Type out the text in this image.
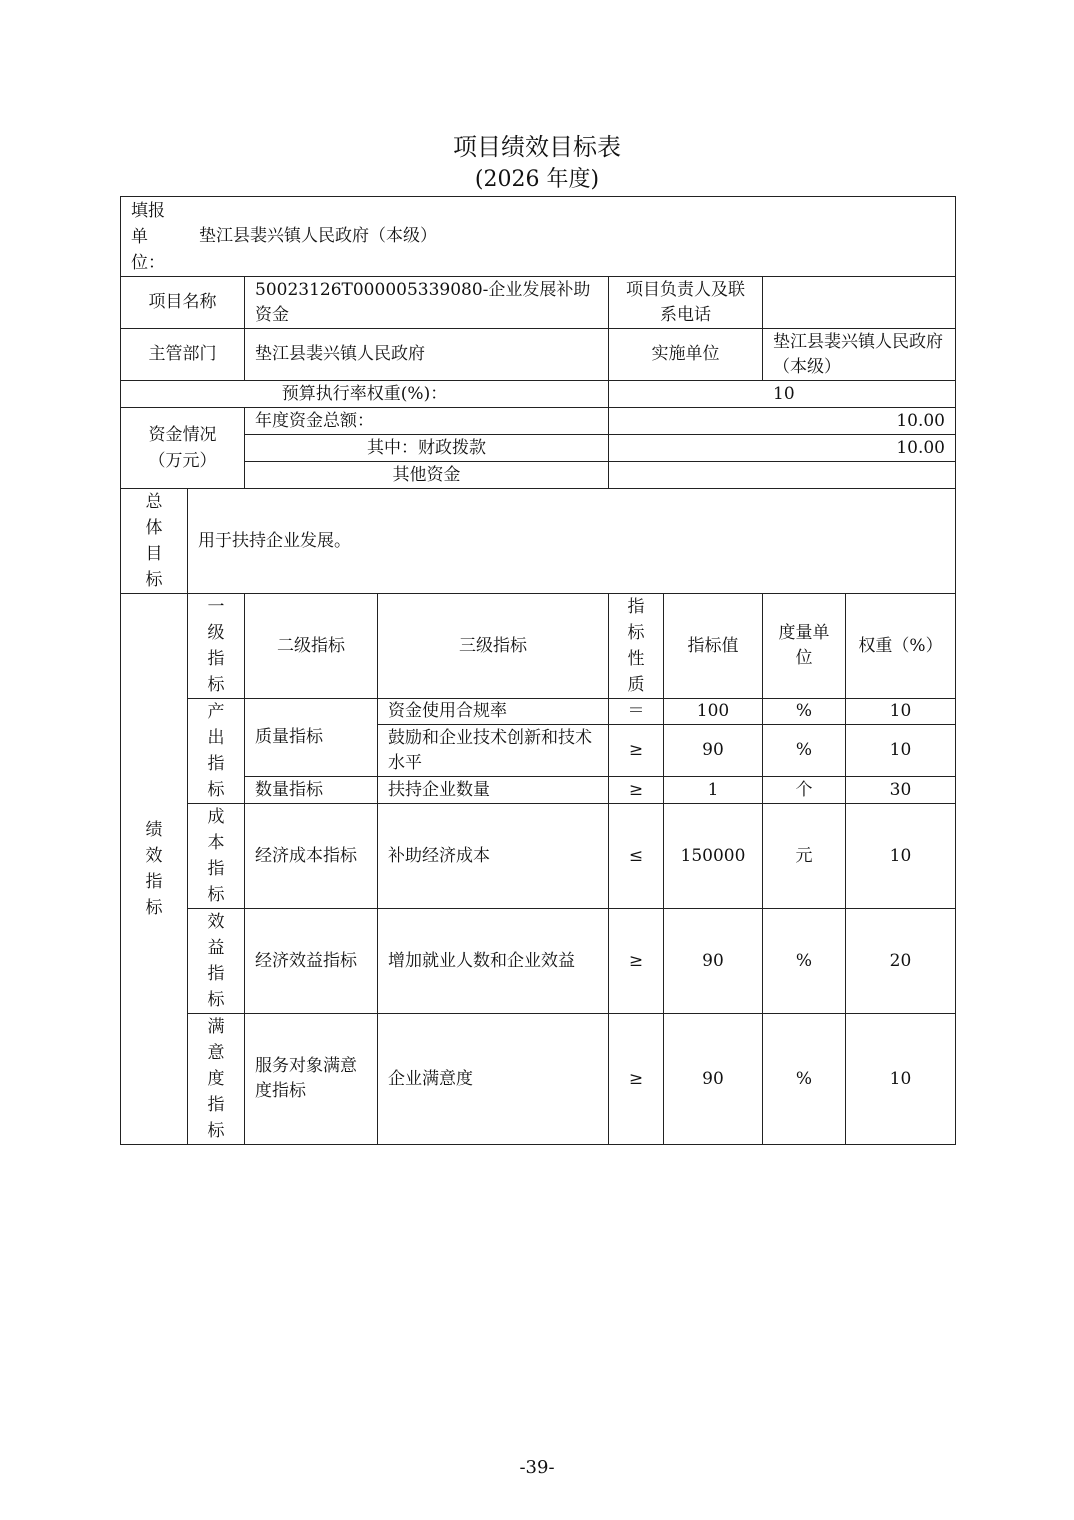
项目绩效目标表
(2026 年度)
填报单位：
垫江县裴兴镇人民政府（本级）							

项目名称		50023126T000005339080-企业发展补助资金		项目负责人及联系电话			
主管部门		垫江县裴兴镇人民政府		实施单位		垫江县裴兴镇人民政府（本级）	
预算执行率权重(%)：				10			

资金情况（万元）		年度资金总额：		10.00			
		其中：财政拨款		10.00			
		其他资金					
总体目标	用于扶持企业发展。						
绩效指标	一级指标	二级指标	三级指标	指标性质	指标值	度量单位	权重（%）
	产出指标	质量指标	资金使用合规率	＝	100	%	10
			鼓励和企业技术创新和技术水平	≥	90	%	10
		数量指标	扶持企业数量	≥	1	个	30
	成本指标	经济成本指标	补助经济成本	≤	150000	元	10
	效益指标	经济效益指标	增加就业人数和企业效益	≥	90	%	20
	满意度指标	服务对象满意度指标	企业满意度	≥	90	%	10
-39-
